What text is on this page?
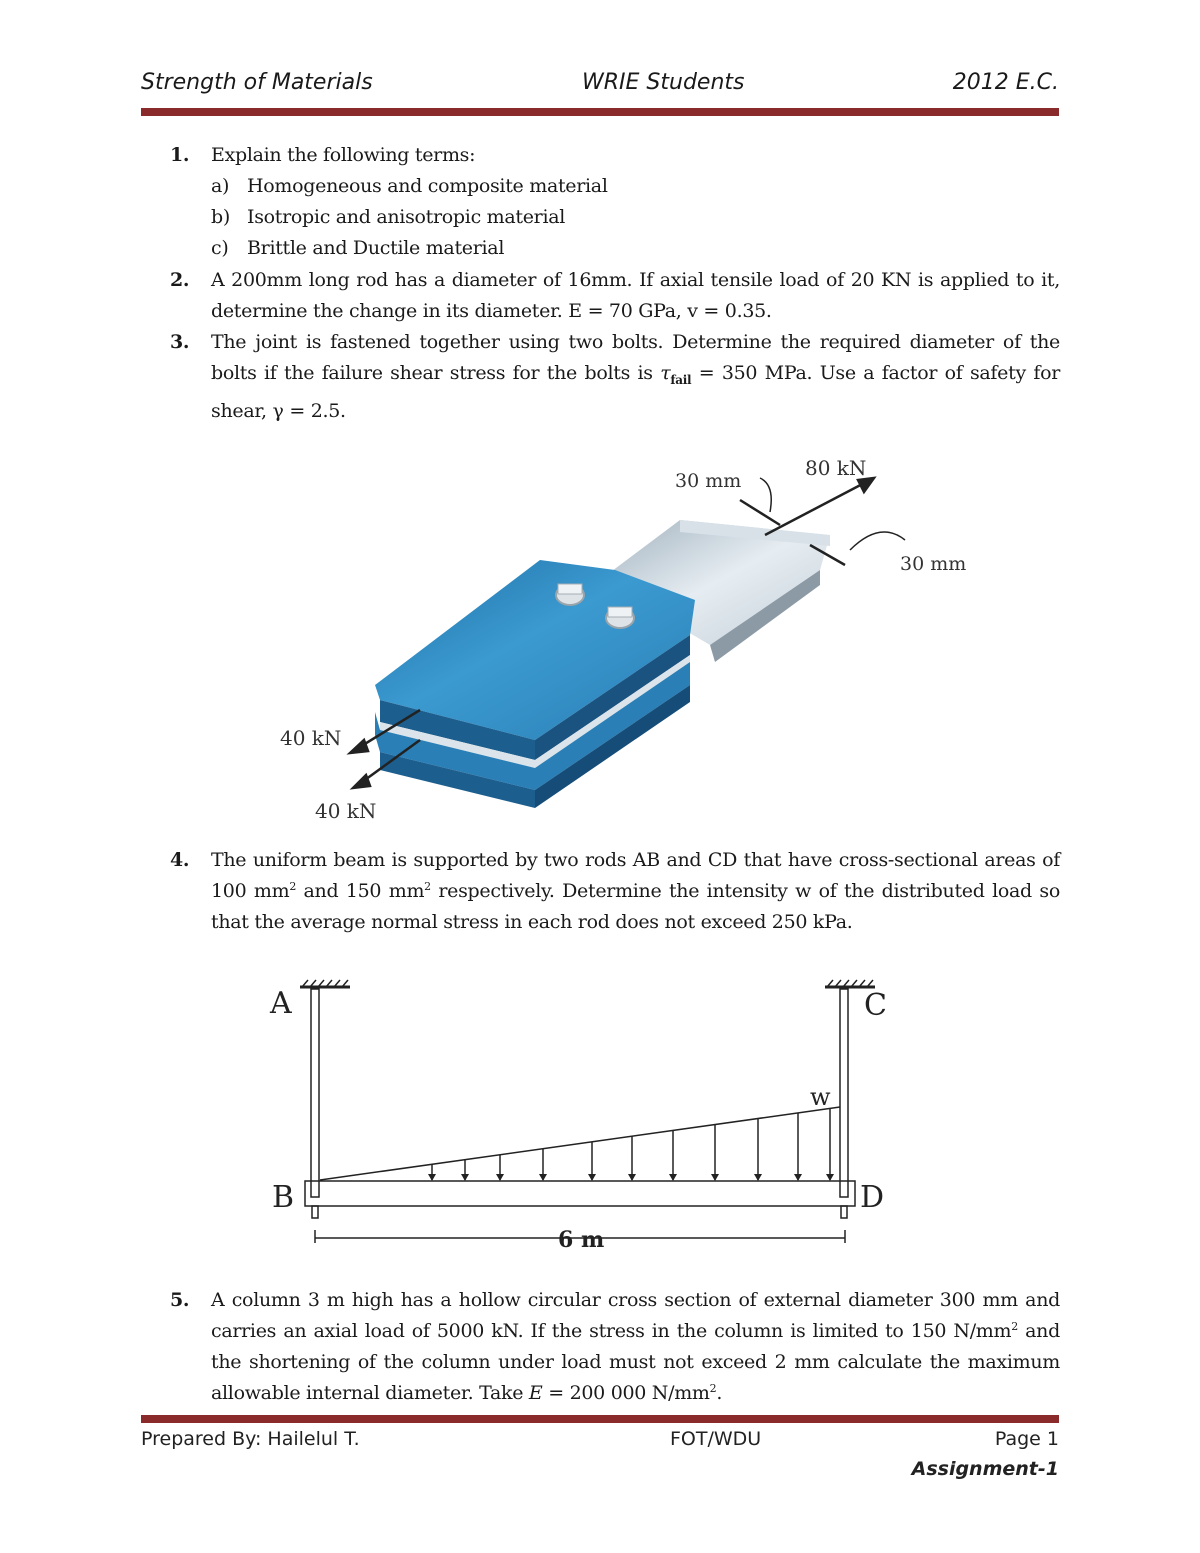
Strength of Materials	WRIE Students	2012 E.C.
1.	Explain the following terms:
a) Homogeneous and composite material
b) Isotropic and anisotropic material
c) Brittle and Ductile material
2.	A 200mm long rod has a diameter of 16mm. If axial tensile load of 20 KN is applied to it, determine the change in its diameter. E = 70 GPa, v = 0.35.
3.	The joint is fastened together using two bolts. Determine the required diameter of the bolts if the failure shear stress for the bolts is $\tau_{fail} = 350$ MPa. Use a factor of safety for shear, γ = 2.5.
30 mm
80 kN
30 mm
40 kN
40 kN
4.	The uniform beam is supported by two rods AB and CD that have cross-sectional areas of 100 $mm^2$ and 150 $mm^2$ respectively. Determine the intensity w of the distributed load so that the average normal stress in each rod does not exceed 250 kPa.
A
B
C
D
w
6 m
5.	A column 3 m high has a hollow circular cross section of external diameter 300 mm and carries an axial load of 5000 kN. If the stress in the column is limited to 150 $N/mm^2$ and the shortening of the column under load must not exceed 2 mm calculate the maximum allowable internal diameter. Take E = 200 000 $N/mm^2$.
Prepared By: Hailelul T.	FOT/WDU	Page 1
Assignment-1
